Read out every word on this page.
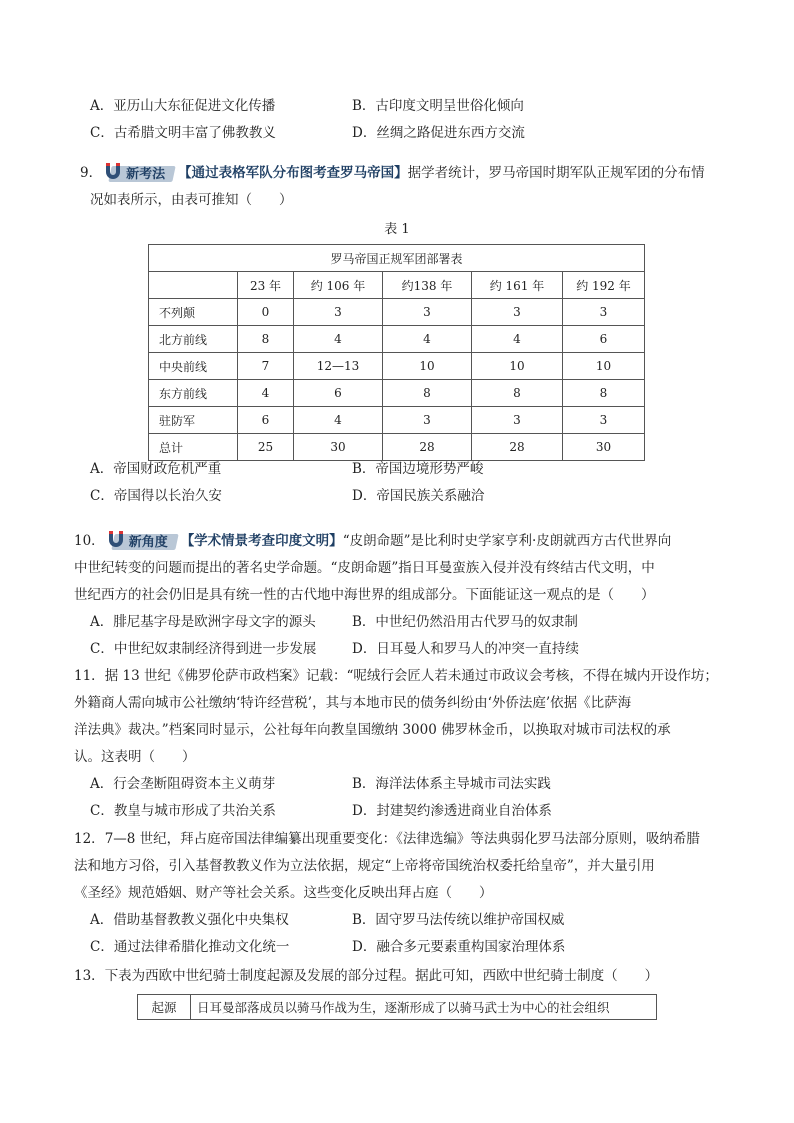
A．亚历山大东征促进文化传播	B．古印度文明呈世俗化倾向
C．古希腊文明丰富了佛教教义	D．丝绸之路促进东西方交流
9． 新考法 【通过表格军队分布图考查罗马帝国】据学者统计，罗马帝国时期军队正规军团的分布情
况如表所示，由表可推知（　　）
表 1
罗马帝国正规军团部署表					
	23 年	约 106 年	约138 年	约 161 年	约 192 年
不列颠	0	3	3	3	3
北方前线	8	4	4	4	6
中央前线	7	12—13	10	10	10
东方前线	4	6	8	8	8
驻防军	6	4	3	3	3
总计	25	30	28	28	30
A．帝国财政危机严重	B．帝国边境形势严峻
C．帝国得以长治久安	D．帝国民族关系融洽
10． 新角度 【学术情景考查印度文明】“皮朗命题”是比利时史学家亨利·皮朗就西方古代世界向
中世纪转变的问题而提出的著名史学命题。“皮朗命题”指日耳曼蛮族入侵并没有终结古代文明，中
世纪西方的社会仍旧是具有统一性的古代地中海世界的组成部分。下面能证这一观点的是（　　）
A．腓尼基字母是欧洲字母文字的源头	B．中世纪仍然沿用古代罗马的奴隶制
C．中世纪奴隶制经济得到进一步发展	D．日耳曼人和罗马人的冲突一直持续
11．据 13 世纪《佛罗伦萨市政档案》记载：“呢绒行会匠人若未通过市政议会考核，不得在城内开设作坊；
外籍商人需向城市公社缴纳‘特许经营税’，其与本地市民的债务纠纷由‘外侨法庭’依据《比萨海
洋法典》裁决。”档案同时显示，公社每年向教皇国缴纳 3000 佛罗林金币，以换取对城市司法权的承
认。这表明（　　）
A．行会垄断阻碍资本主义萌芽	B．海洋法体系主导城市司法实践
C．教皇与城市形成了共治关系	D．封建契约渗透进商业自治体系
12．7—8 世纪，拜占庭帝国法律编纂出现重要变化：《法律选编》等法典弱化罗马法部分原则，吸纳希腊
法和地方习俗，引入基督教教义作为立法依据，规定“上帝将帝国统治权委托给皇帝”，并大量引用
《圣经》规范婚姻、财产等社会关系。这些变化反映出拜占庭（　　）
A．借助基督教教义强化中央集权	B．固守罗马法传统以维护帝国权威
C．通过法律希腊化推动文化统一	D．融合多元要素重构国家治理体系
13．下表为西欧中世纪骑士制度起源及发展的部分过程。据此可知，西欧中世纪骑士制度（　　）
起源	日耳曼部落成员以骑马作战为生，逐渐形成了以骑马武士为中心的社会组织
